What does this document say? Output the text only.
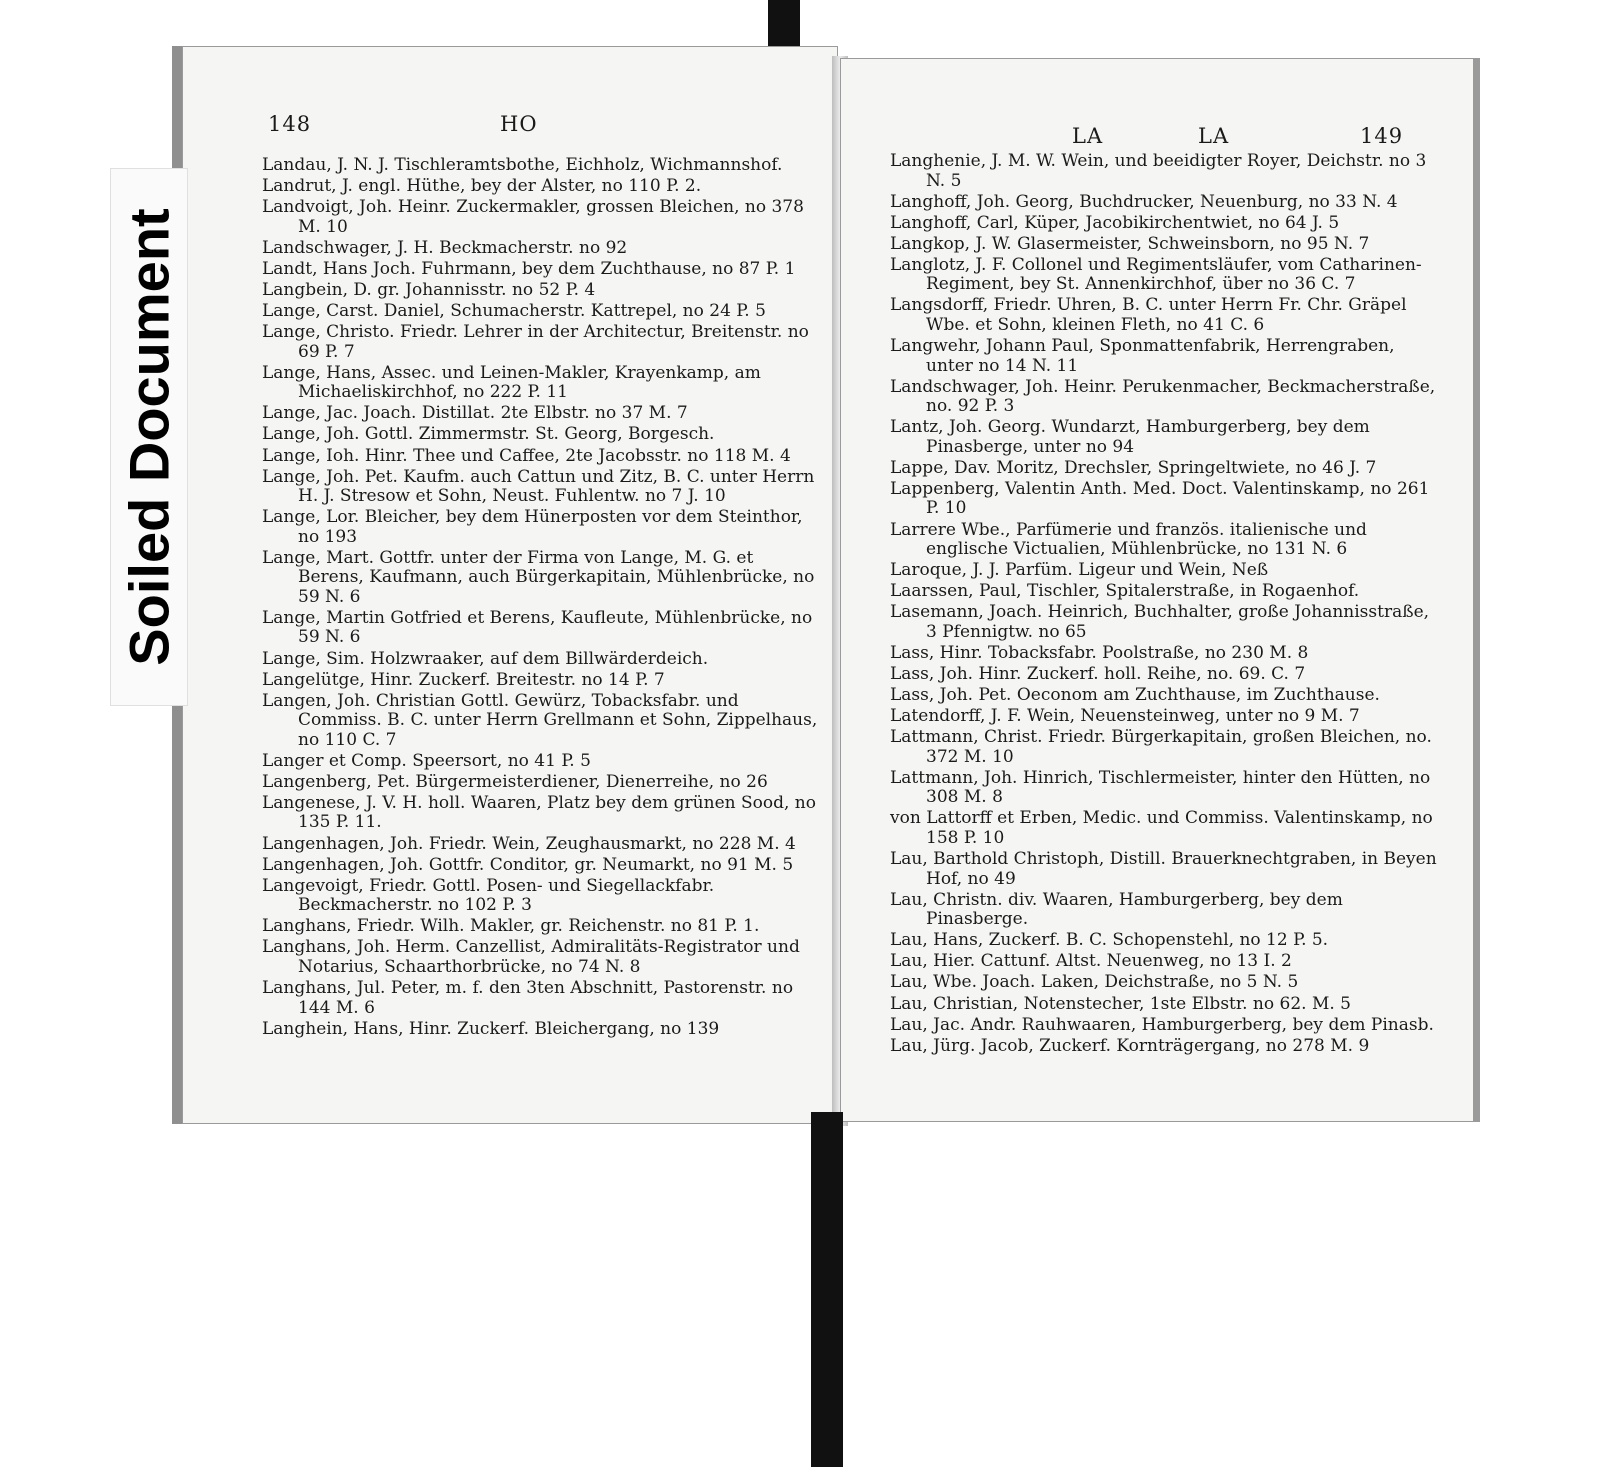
148	HO
Landau, J. N. J. Tischleramtsbothe, Eichholz, Wichmannshof.
Landrut, J. engl. Hüthe, bey der Alster, no 110 P. 2.
Landvoigt, Joh. Heinr. Zuckermakler, grossen Bleichen, no 378 M. 10
Landschwager, J. H. Beckmacherstr. no 92
Landt, Hans Joch. Fuhrmann, bey dem Zuchthause, no 87 P. 1
Langbein, D. gr. Johannisstr. no 52 P. 4
Lange, Carst. Daniel, Schumacherstr. Kattrepel, no 24 P. 5
Lange, Christo. Friedr. Lehrer in der Architectur, Breitenstr. no 69 P. 7
Lange, Hans, Assec. und Leinen-Makler, Krayenkamp, am Michaeliskirchhof, no 222 P. 11
Lange, Jac. Joach. Distillat. 2te Elbstr. no 37 M. 7
Lange, Joh. Gottl. Zimmermstr. St. Georg, Borgesch.
Lange, Ioh. Hinr. Thee und Caffee, 2te Jacobsstr. no 118 M. 4
Lange, Joh. Pet. Kaufm. auch Cattun und Zitz, B. C. unter Herrn H. J. Stresow et Sohn, Neust. Fuhlentw. no 7 J. 10
Lange, Lor. Bleicher, bey dem Hünerposten vor dem Steinthor, no 193
Lange, Mart. Gottfr. unter der Firma von Lange, M. G. et Berens, Kaufmann, auch Bürgerkapitain, Mühlenbrücke, no 59 N. 6
Lange, Martin Gotfried et Berens, Kaufleute, Mühlenbrücke, no 59 N. 6
Lange, Sim. Holzwraaker, auf dem Billwärderdeich.
Langelütge, Hinr. Zuckerf. Breitestr. no 14 P. 7
Langen, Joh. Christian Gottl. Gewürz, Tobacksfabr. und Commiss. B. C. unter Herrn Grellmann et Sohn, Zippelhaus, no 110 C. 7
Langer et Comp. Speersort, no 41 P. 5
Langenberg, Pet. Bürgermeisterdiener, Dienerreihe, no 26
Langenese, J. V. H. holl. Waaren, Platz bey dem grünen Sood, no 135 P. 11.
Langenhagen, Joh. Friedr. Wein, Zeughausmarkt, no 228 M. 4
Langenhagen, Joh. Gottfr. Conditor, gr. Neumarkt, no 91 M. 5
Langevoigt, Friedr. Gottl. Posen- und Siegellackfabr. Beckmacherstr. no 102 P. 3
Langhans, Friedr. Wilh. Makler, gr. Reichenstr. no 81 P. 1.
Langhans, Joh. Herm. Canzellist, Admiralitäts-Registrator und Notarius, Schaarthorbrücke, no 74 N. 8
Langhans, Jul. Peter, m. f. den 3ten Abschnitt, Pastorenstr. no 144 M. 6
Langhein, Hans, Hinr. Zuckerf. Bleichergang, no 139
LA	LA	149
Langhenie, J. M. W. Wein, und beeidigter Royer, Deichstr. no 3 N. 5
Langhoff, Joh. Georg, Buchdrucker, Neuenburg, no 33 N. 4
Langhoff, Carl, Küper, Jacobikirchentwiet, no 64 J. 5
Langkop, J. W. Glasermeister, Schweinsborn, no 95 N. 7
Langlotz, J. F. Collonel und Regimentsläufer, vom Catharinen-Regiment, bey St. Annenkirchhof, über no 36 C. 7
Langsdorff, Friedr. Uhren, B. C. unter Herrn Fr. Chr. Gräpel Wbe. et Sohn, kleinen Fleth, no 41 C. 6
Langwehr, Johann Paul, Sponmattenfabrik, Herrengraben, unter no 14 N. 11
Landschwager, Joh. Heinr. Perukenmacher, Beckmacherstraße, no. 92 P. 3
Lantz, Joh. Georg. Wundarzt, Hamburgerberg, bey dem Pinasberge, unter no 94
Lappe, Dav. Moritz, Drechsler, Springeltwiete, no 46 J. 7
Lappenberg, Valentin Anth. Med. Doct. Valentinskamp, no 261 P. 10
Larrere Wbe., Parfümerie und französ. italienische und englische Victualien, Mühlenbrücke, no 131 N. 6
Laroque, J. J. Parfüm. Ligeur und Wein, Neß
Laarssen, Paul, Tischler, Spitalerstraße, in Rogaenhof.
Lasemann, Joach. Heinrich, Buchhalter, große Johannisstraße, 3 Pfennigtw. no 65
Lass, Hinr. Tobacksfabr. Poolstraße, no 230 M. 8
Lass, Joh. Hinr. Zuckerf. holl. Reihe, no. 69. C. 7
Lass, Joh. Pet. Oeconom am Zuchthause, im Zuchthause.
Latendorff, J. F. Wein, Neuensteinweg, unter no 9 M. 7
Lattmann, Christ. Friedr. Bürgerkapitain, großen Bleichen, no. 372 M. 10
Lattmann, Joh. Hinrich, Tischlermeister, hinter den Hütten, no 308 M. 8
von Lattorff et Erben, Medic. und Commiss. Valentinskamp, no 158 P. 10
Lau, Barthold Christoph, Distill. Brauerknechtgraben, in Beyen Hof, no 49
Lau, Christn. div. Waaren, Hamburgerberg, bey dem Pinasberge.
Lau, Hans, Zuckerf. B. C. Schopenstehl, no 12 P. 5.
Lau, Hier. Cattunf. Altst. Neuenweg, no 13 I. 2
Lau, Wbe. Joach. Laken, Deichstraße, no 5 N. 5
Lau, Christian, Notenstecher, 1ste Elbstr. no 62. M. 5
Lau, Jac. Andr. Rauhwaaren, Hamburgerberg, bey dem Pinasb.
Lau, Jürg. Jacob, Zuckerf. Kornträgergang, no 278 M. 9
Soiled Document
